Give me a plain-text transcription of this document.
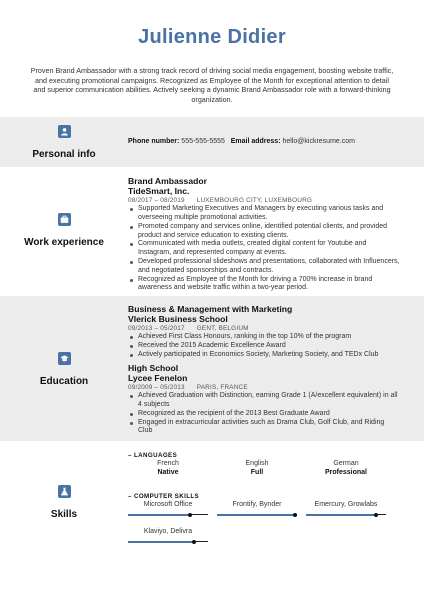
Julienne Didier
Proven Brand Ambassador with a strong track record of driving social media engagement, boosting website traffic, and executing promotional campaigns. Recognized as Employee of the Month for exceptional attention to detail and superior communication abilities. Actively seeking a dynamic Brand Ambassador role with a forward-thinking organization.
Personal info
Phone number: 555-555-5555 Email address: hello@kickresume.com
Work experience
Brand Ambassador
TideSmart, Inc.
08/2017 – 08/2019 LUXEMBOURG CITY, LUXEMBOURG
Supported Marketing Executives and Managers by executing various tasks and overseeing multiple promotional activities.
Promoted company and services online, identified potential clients, and provided product and service education to existing clients.
Communicated with media outlets, created digital content for Youtube and Instagram, and represented company at events.
Developed professional slideshows and presentations, collaborated with Influencers, and negotiated sponsorships and contracts.
Recognized as Employee of the Month for driving a 700% increase in brand awareness and website traffic within a two-year period.
Education
Business & Management with Marketing
Vlerick Business School
09/2013 – 05/2017 GENT, BELGIUM
Achieved First Class Honours, ranking in the top 10% of the program
Received the 2015 Academic Excellence Award
Actively participated in Economics Society, Marketing Society, and TEDx Club
High School
Lycee Fenelon
09/2009 – 05/2013 PARIS, FRANCE
Achieved Graduation with Distinction, earning Grade 1 (A/excellent equivalent) in all 4 subjects
Recognized as the recipient of the 2013 Best Graduate Award
Engaged in extracurricular activities such as Drama Club, Golf Club, and Riding Club
Skills
– LANGUAGES
French
Native
English
Full
German
Professional
– COMPUTER SKILLS
Microsoft Office	Frontify, Bynder	Emercury, Growlabs
Klaviyo, Delivra
